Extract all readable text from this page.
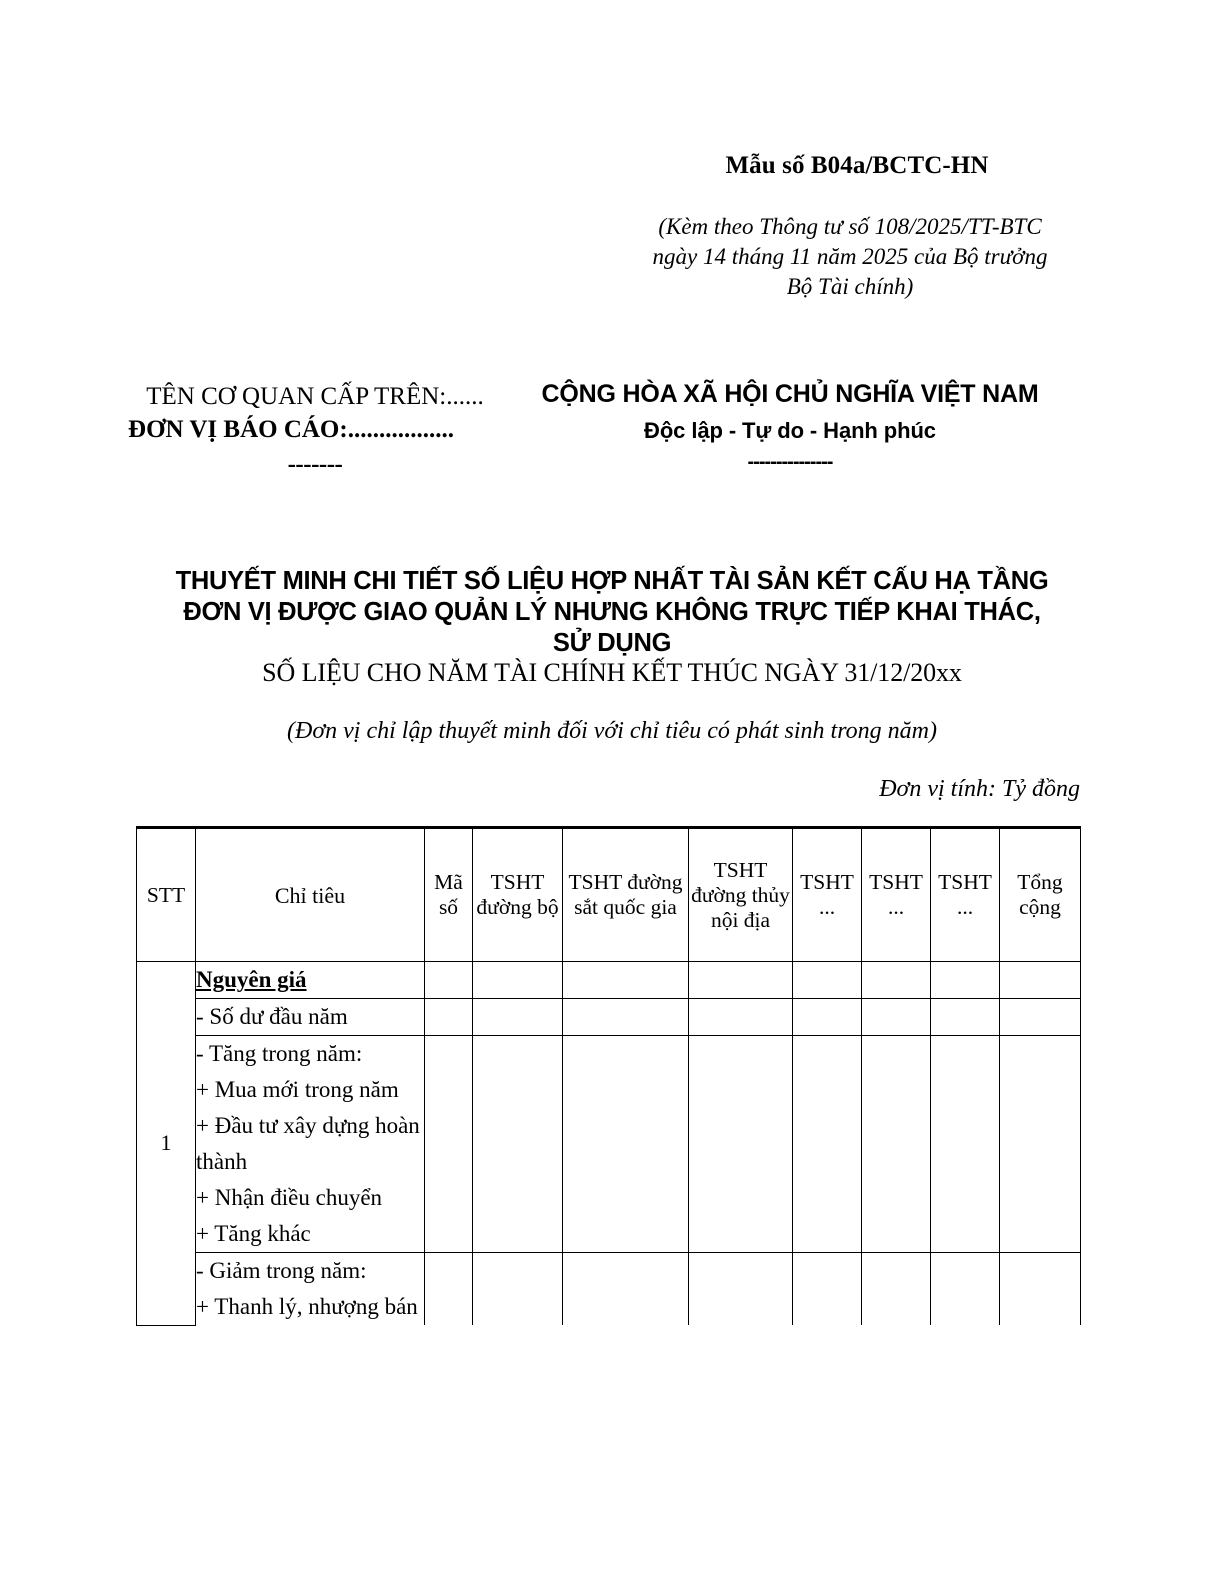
Mẫu số B04a/BCTC-HN
(Kèm theo Thông tư số 108/2025/TT-BTC
ngày 14 tháng 11 năm 2025 của Bộ trưởng
Bộ Tài chính)
TÊN CƠ QUAN CẤP TRÊN:......
ĐƠN VỊ BÁO CÁO:.................
-------
CỘNG HÒA XÃ HỘI CHỦ NGHĨA VIỆT NAM
Độc lập - Tự do - Hạnh phúc
---------------
THUYẾT MINH CHI TIẾT SỐ LIỆU HỢP NHẤT TÀI SẢN KẾT CẤU HẠ TẦNG
ĐƠN VỊ ĐƯỢC GIAO QUẢN LÝ NHƯNG KHÔNG TRỰC TIẾP KHAI THÁC,
SỬ DỤNG
SỐ LIỆU CHO NĂM TÀI CHÍNH KẾT THÚC NGÀY 31/12/20xx
(Đơn vị chỉ lập thuyết minh đối với chỉ tiêu có phát sinh trong năm)
Đơn vị tính: Tỷ đồng
STT	Chỉ tiêu	Mã số	TSHT đường bộ	TSHT đường sắt quốc gia	TSHT đường thủy nội địa	TSHT ...	TSHT ...	TSHT ...	Tổng cộng
1	Nguyên giá								
	- Số dư đầu năm								

	- Tăng trong năm:
+ Mua mới trong năm
+ Đầu tư xây dựng hoàn thành
+ Nhận điều chuyển
+ Tăng khác								

	- Giảm trong năm:
+ Thanh lý, nhượng bán								
